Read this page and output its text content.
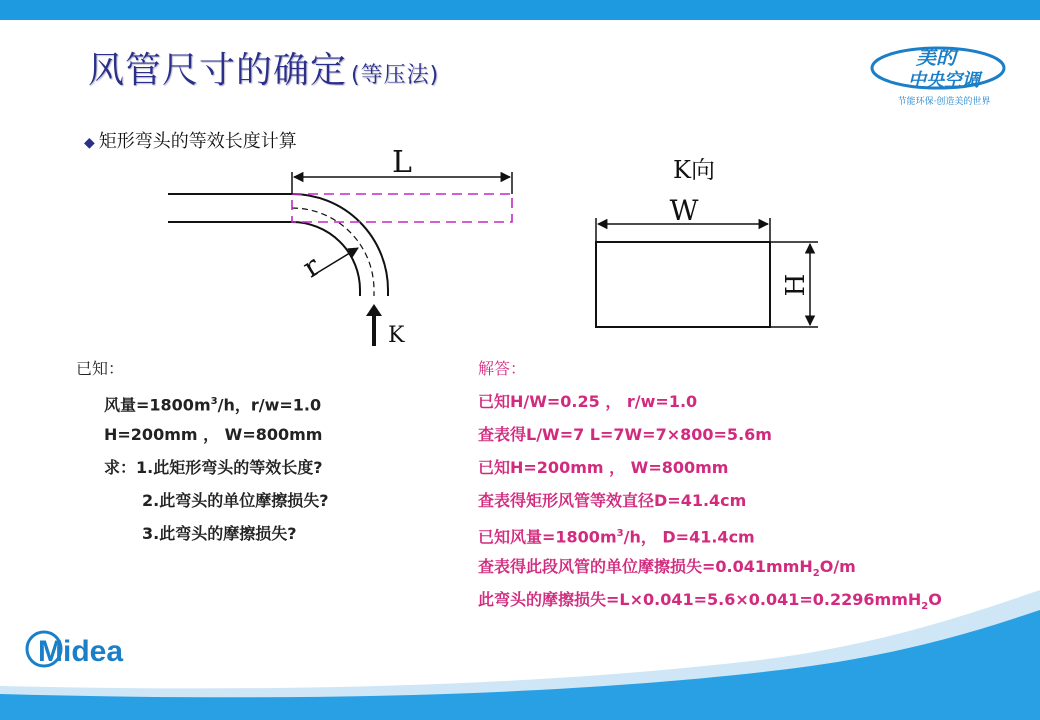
风管尺寸的确定 (等压法)
美的
中央空调
节能环保·创造美的世界
◆ 矩形弯头的等效长度计算
L
r
K
K向
W
H
已知：
风量$=1800m^3/h$，r/w=1.0
H=200mm ， W=800mm
求：1.此矩形弯头的等效长度?
2.此弯头的单位摩擦损失?
3.此弯头的摩擦损失?
解答：
已知H/W=0.25 ， r/w=1.0
查表得L/W=7 L=7W=7×800=5.6m
已知H=200mm ， W=800mm
查表得矩形风管等效直径D=41.4cm
已知风量$=1800m^3/h$， D=41.4cm
查表得此段风管的单位摩擦损失=0.041mmH$_2$O/m
此弯头的摩擦损失=L×0.041=5.6×0.041=0.2296mmH$_2$O
Midea
